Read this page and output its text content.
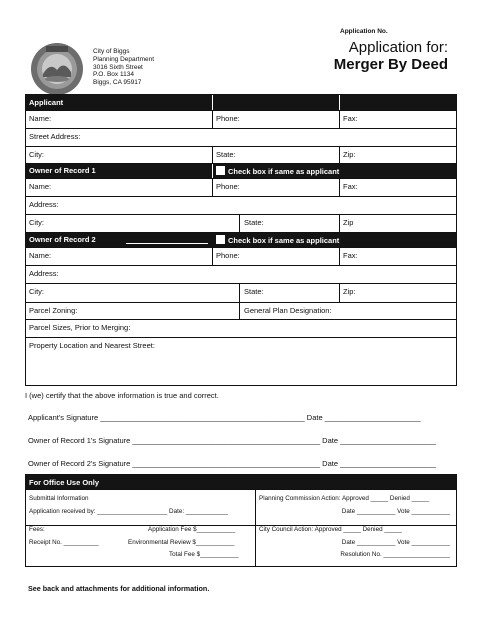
Application No.
City of Biggs
Planning Department
3016 Sixth Street
P.O. Box 1134
Biggs, CA 95917
Application for:
Merger By Deed
Applicant
Name:	Phone:	Fax:
Street Address:
City:	State:	Zip:
Owner of Record 1	Check box if same as applicant
Name:	Phone:	Fax:
Address:
City:	State:	Zip
Owner of Record 2	Check box if same as applicant
Name:	Phone:	Fax:
Address:
City:	State:	Zip:
Parcel Zoning:	General Plan Designation:
Parcel Sizes, Prior to Merging:
Property Location and Nearest Street:
I (we) certify that the above information is true and correct.
Applicant's Signature _________________________________________________ Date _______________________
Owner of Record 1's Signature _____________________________________________ Date _______________________
Owner of Record 2's Signature _____________________________________________ Date _______________________
For Office Use Only
Submittal Information
Application received by: ____________________ Date: ____________
Planning Commission Action: Approved _____ Denied _____
Date ___________ Vote ___________
Fees:	Application Fee $___________
Receipt No. __________	Environmental Review $___________
Total Fee $___________
City Council Action: Approved _____ Denied _____
Date ___________ Vote ___________
Resolution No. ___________________
See back and attachments for additional information.
